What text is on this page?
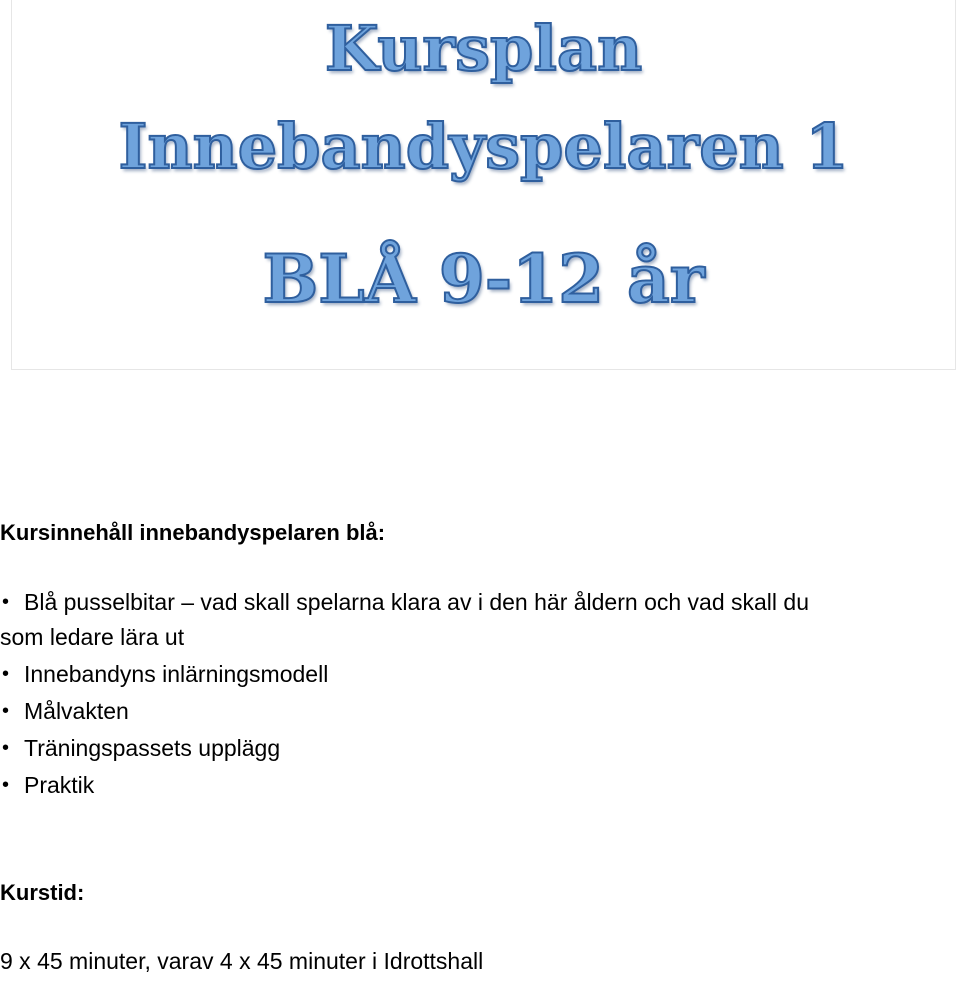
Kursplan
Innebandyspelaren 1
BLÅ 9-12 år
Kursinnehåll innebandyspelaren blå:
• Blå pusselbitar – vad skall spelarna klara av i den här åldern och vad skall du
som ledare lära ut
• Innebandyns inlärningsmodell
• Målvakten
• Träningspassets upplägg
• Praktik
Kurstid:
9 x 45 minuter, varav 4 x 45 minuter i Idrottshall
